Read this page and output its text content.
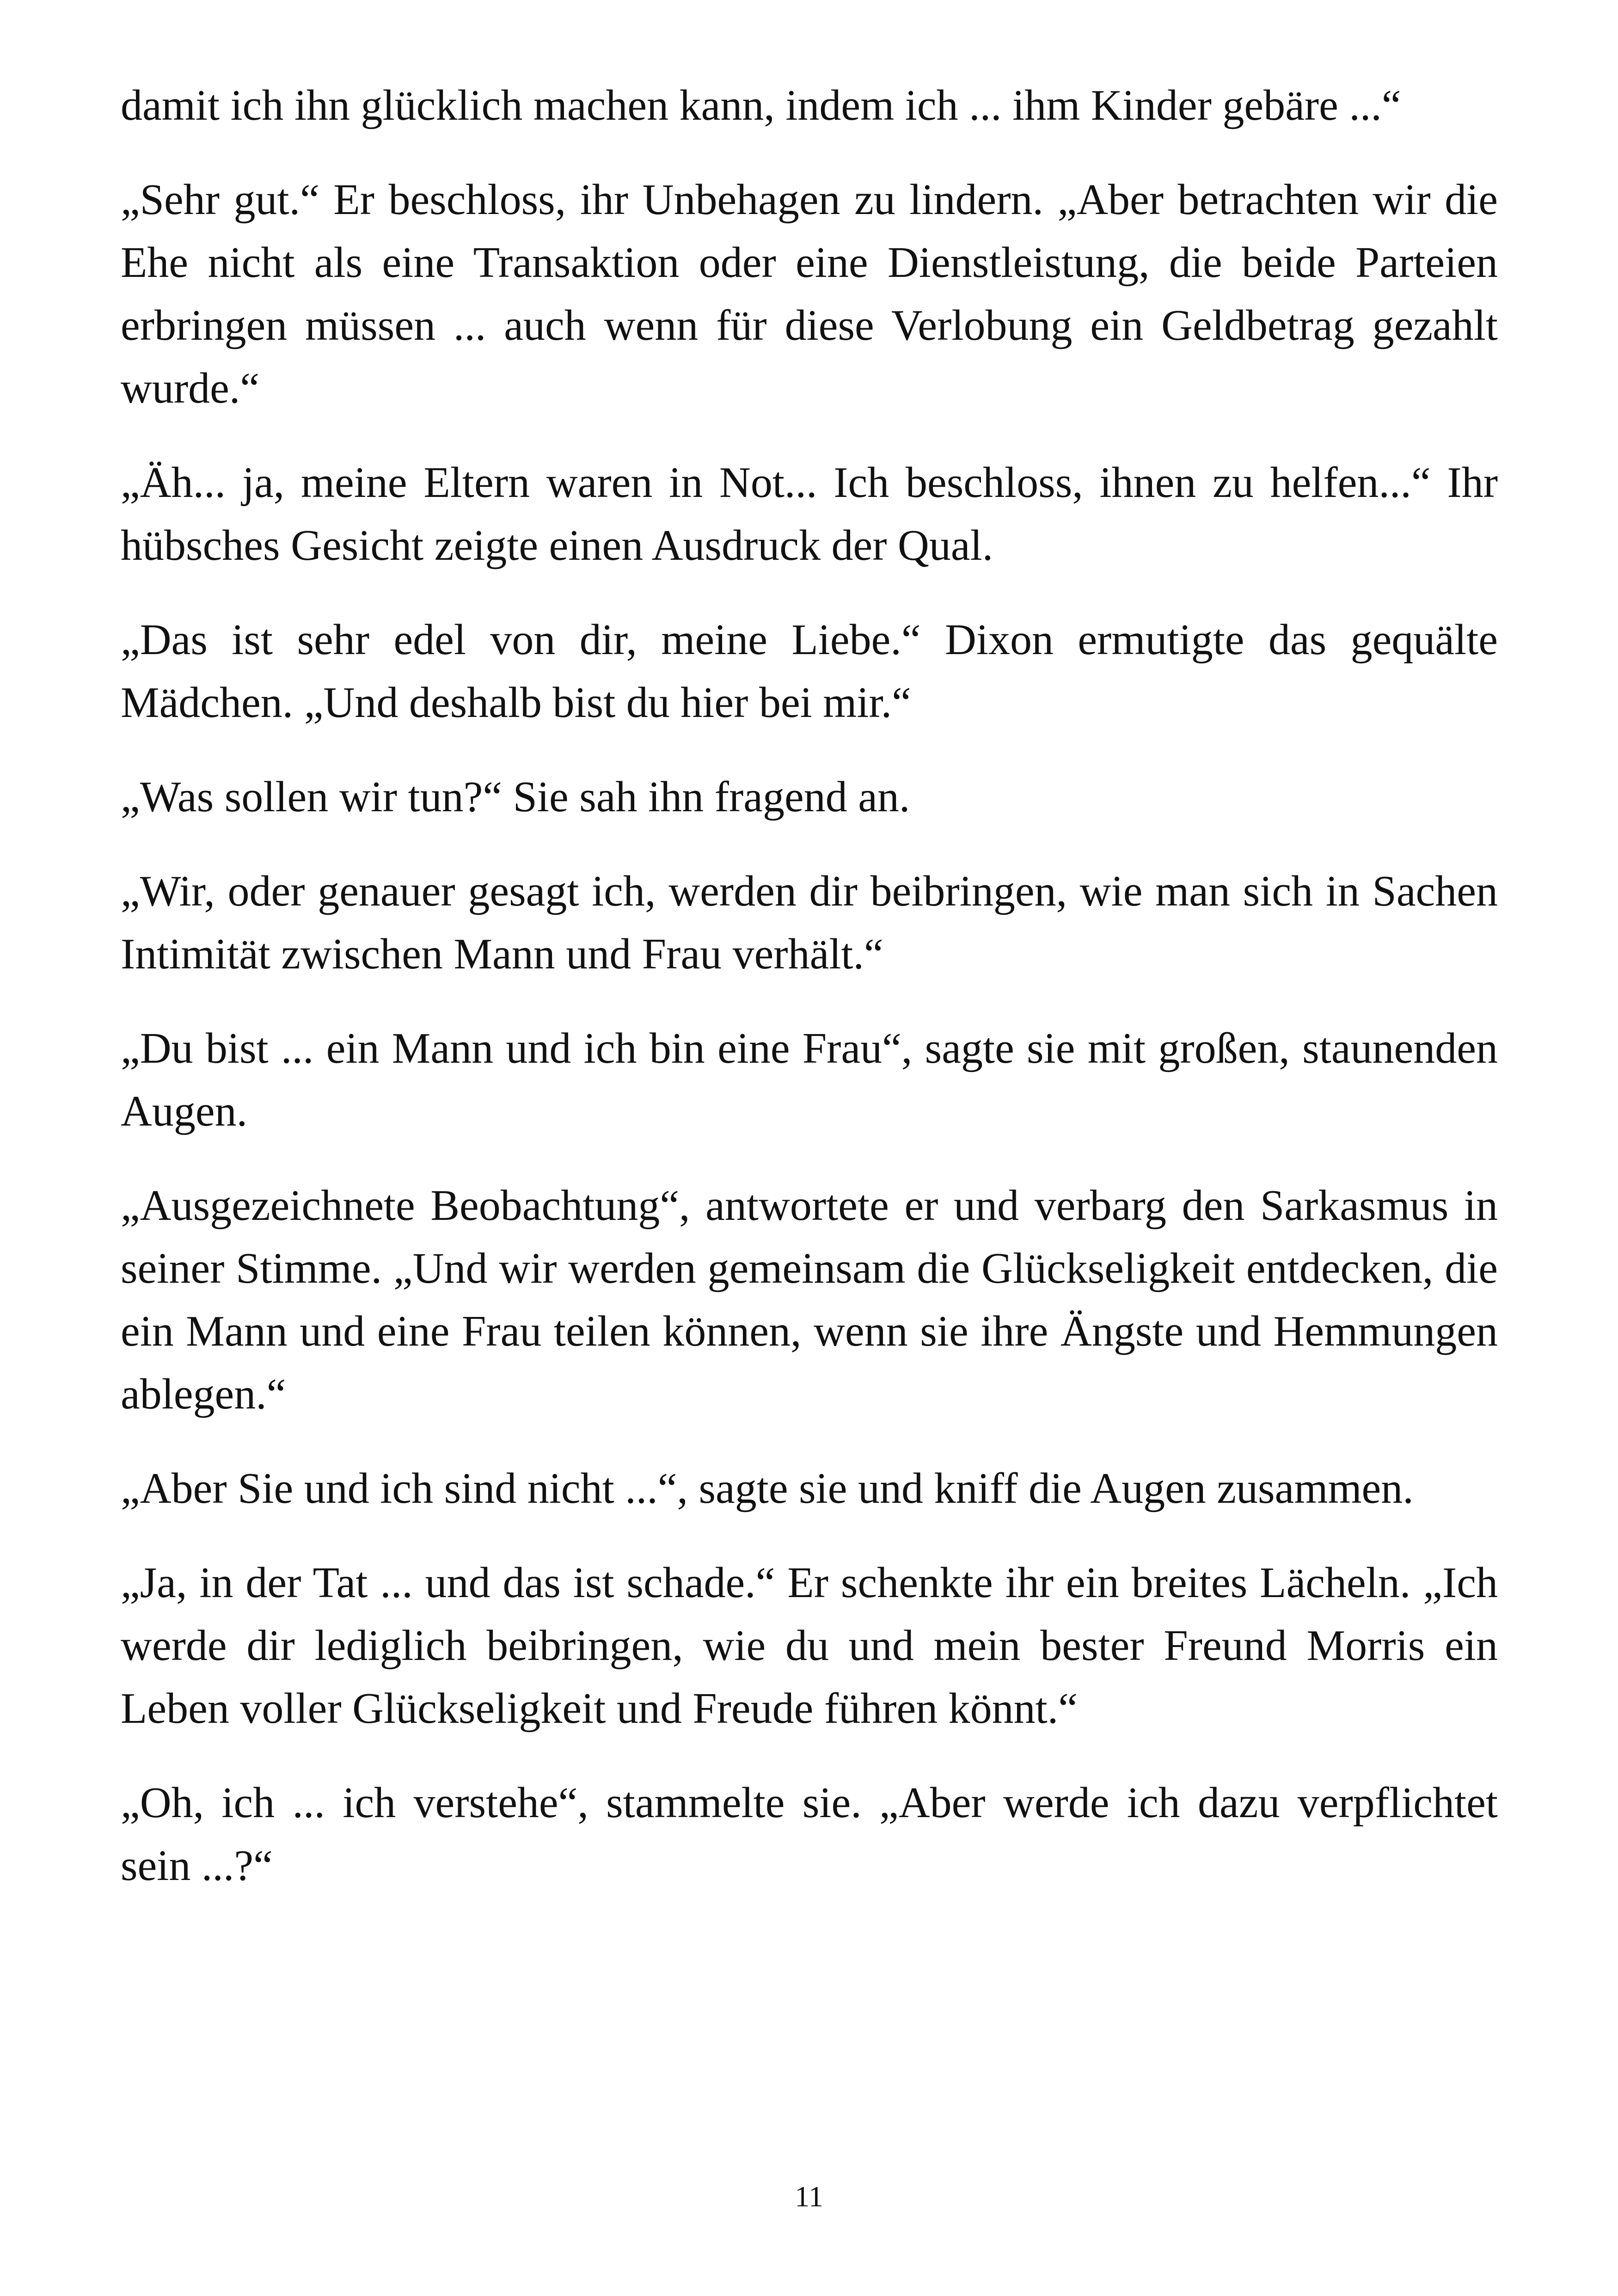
damit ich ihn glücklich machen kann, indem ich ... ihm Kinder gebäre ...“

„Sehr gut.“ Er beschloss, ihr Unbehagen zu lindern. „Aber betrachten wir die Ehe nicht als eine Transaktion oder eine Dienstleistung, die beide Parteien erbringen müssen ... auch wenn für diese Verlobung ein Geldbetrag gezahlt wurde.“

„Äh... ja, meine Eltern waren in Not... Ich beschloss, ihnen zu helfen...“ Ihr hübsches Gesicht zeigte einen Ausdruck der Qual.

„Das ist sehr edel von dir, meine Liebe.“ Dixon ermutigte das gequälte Mädchen. „Und deshalb bist du hier bei mir.“

„Was sollen wir tun?“ Sie sah ihn fragend an.

„Wir, oder genauer gesagt ich, werden dir beibringen, wie man sich in Sachen Intimität zwischen Mann und Frau verhält.“

„Du bist ... ein Mann und ich bin eine Frau“, sagte sie mit großen, staunenden Augen.

„Ausgezeichnete Beobachtung“, antwortete er und verbarg den Sarkasmus in seiner Stimme. „Und wir werden gemeinsam die Glückseligkeit entdecken, die ein Mann und eine Frau teilen können, wenn sie ihre Ängste und Hemmungen ablegen.“

„Aber Sie und ich sind nicht ...“, sagte sie und kniff die Augen zusammen.

„Ja, in der Tat ... und das ist schade.“ Er schenkte ihr ein breites Lächeln. „Ich werde dir lediglich beibringen, wie du und mein bester Freund Morris ein Leben voller Glückseligkeit und Freude führen könnt.“

„Oh, ich ... ich verstehe“, stammelte sie. „Aber werde ich dazu verpflichtet sein ...?“

11
